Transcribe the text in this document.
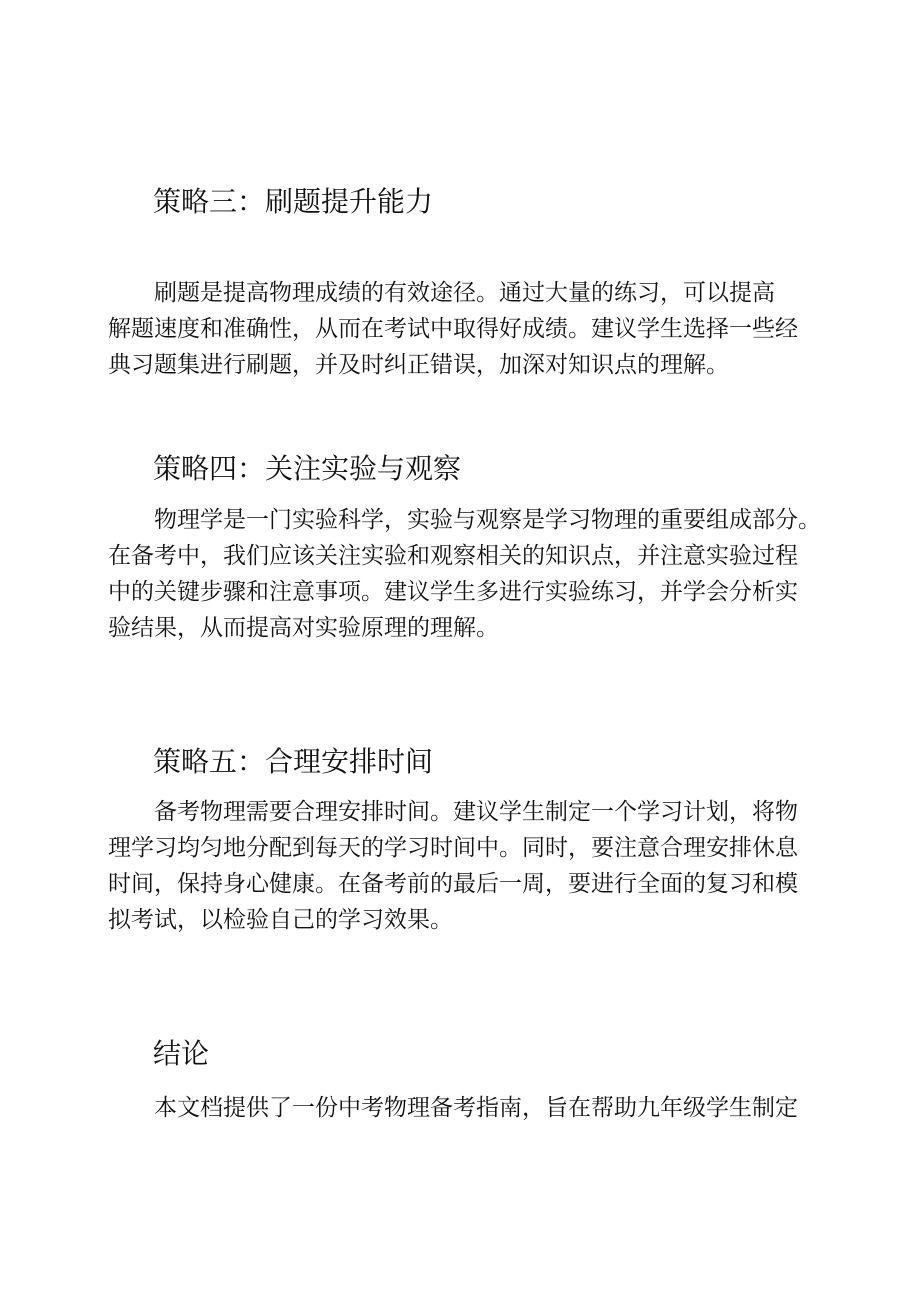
策略三：刷题提升能力
刷题是提高物理成绩的有效途径。通过大量的练习，可以提高
解题速度和准确性，从而在考试中取得好成绩。建议学生选择一些经
典习题集进行刷题，并及时纠正错误，加深对知识点的理解。
策略四：关注实验与观察
物理学是一门实验科学，实验与观察是学习物理的重要组成部分。
在备考中，我们应该关注实验和观察相关的知识点，并注意实验过程
中的关键步骤和注意事项。建议学生多进行实验练习，并学会分析实
验结果，从而提高对实验原理的理解。
策略五：合理安排时间
备考物理需要合理安排时间。建议学生制定一个学习计划，将物
理学习均匀地分配到每天的学习时间中。同时，要注意合理安排休息
时间，保持身心健康。在备考前的最后一周，要进行全面的复习和模
拟考试，以检验自己的学习效果。
结论
本文档提供了一份中考物理备考指南，旨在帮助九年级学生制定
